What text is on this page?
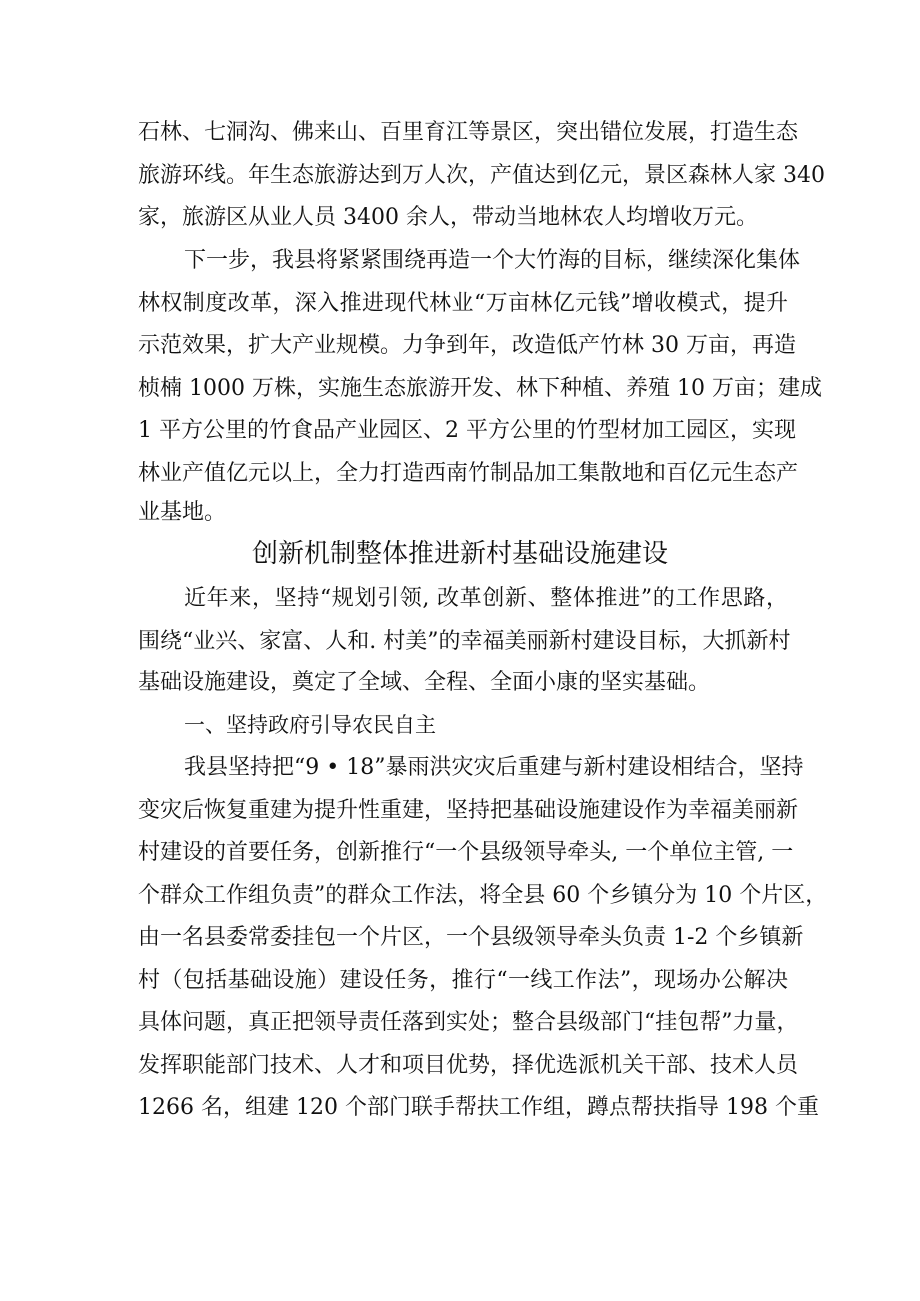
石林、七洞沟、佛来山、百里育江等景区，突出错位发展，打造生态
旅游环线。年生态旅游达到万人次，产值达到亿元，景区森林人家 340
家，旅游区从业人员 3400 余人，带动当地林农人均增收万元。
下一步，我县将紧紧围绕再造一个大竹海的目标，继续深化集体
林权制度改革，深入推进现代林业“万亩林亿元钱”增收模式，提升
示范效果，扩大产业规模。力争到年，改造低产竹林 30 万亩，再造
桢楠 1000 万株，实施生态旅游开发、林下种植、养殖 10 万亩；建成
1 平方公里的竹食品产业园区、2 平方公里的竹型材加工园区，实现
林业产值亿元以上，全力打造西南竹制品加工集散地和百亿元生态产
业基地。
创新机制整体推进新村基础设施建设
近年来，坚持“规划引领, 改革创新、整体推进”的工作思路，
围绕“业兴、家富、人和. 村美”的幸福美丽新村建设目标，大抓新村
基础设施建设，奠定了全域、全程、全面小康的坚实基础。
一、坚持政府引导农民自主
我县坚持把“9 • 18”暴雨洪灾灾后重建与新村建设相结合，坚持
变灾后恢复重建为提升性重建，坚持把基础设施建设作为幸福美丽新
村建设的首要任务，创新推行“一个县级领导牵头, 一个单位主管, 一
个群众工作组负责”的群众工作法，将全县 60 个乡镇分为 10 个片区，
由一名县委常委挂包一个片区，一个县级领导牵头负责 1-2 个乡镇新
村（包括基础设施）建设任务，推行“一线工作法”，现场办公解决
具体问题，真正把领导责任落到实处；整合县级部门“挂包帮”力量，
发挥职能部门技术、人才和项目优势，择优选派机关干部、技术人员
1266 名，组建 120 个部门联手帮扶工作组，蹲点帮扶指导 198 个重
